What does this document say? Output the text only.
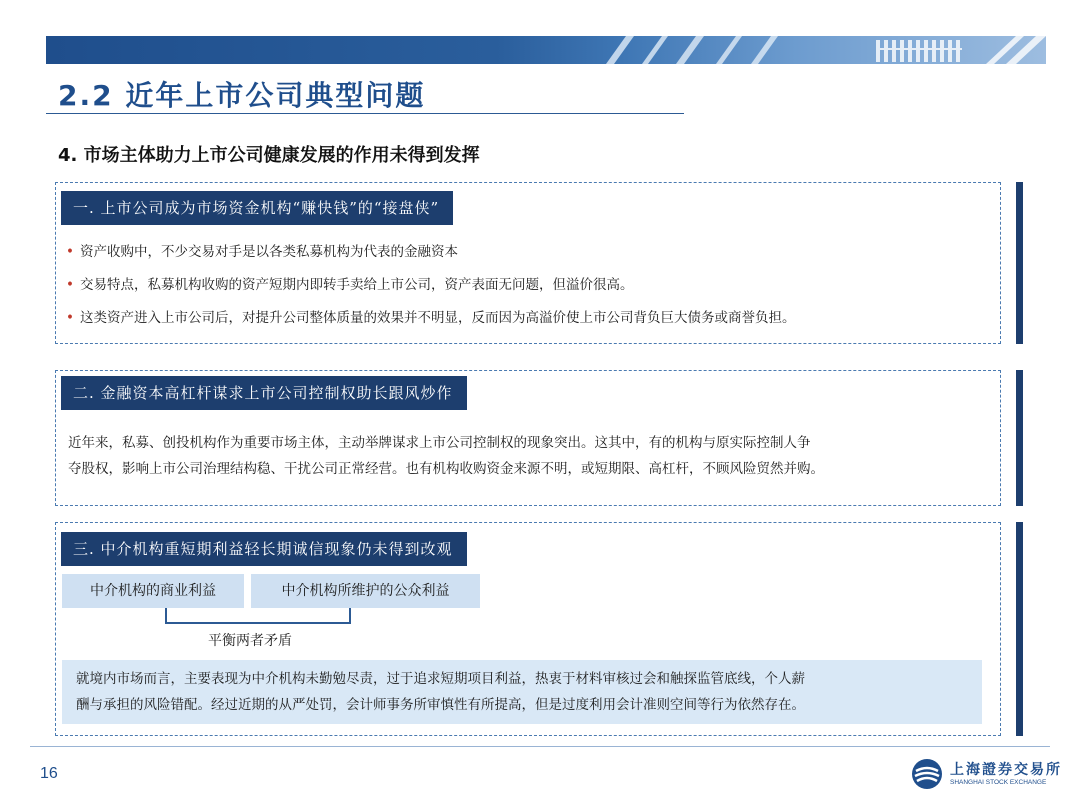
2.2 近年上市公司典型问题
4. 市场主体助力上市公司健康发展的作用未得到发挥
一. 上市公司成为市场资金机构“赚快钱”的“接盘侠”
• 资产收购中，不少交易对手是以各类私募机构为代表的金融资本
• 交易特点，私募机构收购的资产短期内即转手卖给上市公司，资产表面无问题，但溢价很高。
• 这类资产进入上市公司后，对提升公司整体质量的效果并不明显，反而因为高溢价使上市公司背负巨大债务或商誉负担。
二. 金融资本高杠杆谋求上市公司控制权助长跟风炒作
近年来，私募、创投机构作为重要市场主体，主动举牌谋求上市公司控制权的现象突出。这其中，有的机构与原实际控制人争
夺股权，影响上市公司治理结构稳、干扰公司正常经营。也有机构收购资金来源不明，或短期限、高杠杆，不顾风险贸然并购。
三. 中介机构重短期利益轻长期诚信现象仍未得到改观
中介机构的商业利益	中介机构所维护的公众利益
平衡两者矛盾
就境内市场而言，主要表现为中介机构未勤勉尽责，过于追求短期项目利益，热衷于材料审核过会和触探监管底线，个人薪
酬与承担的风险错配。经过近期的从严处罚，会计师事务所审慎性有所提高，但是过度利用会计准则空间等行为依然存在。
16	上海證券交易所
SHANGHAI STOCK EXCHANGE
